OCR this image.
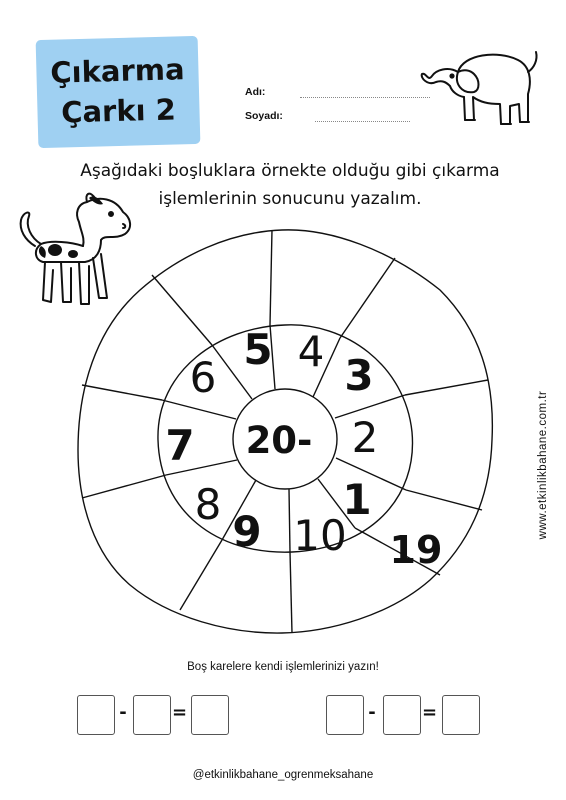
Çıkarma
Çarkı 2
Adı:
Soyadı:
Aşağıdaki boşluklara örnekte olduğu gibi çıkarma
işlemlerinin sonucunu yazalım.
20-
5 4 3
2
1
10
9
8
7
6
19
www.etkinlikbahane.com.tr
Boş karelere kendi işlemlerinizi yazın!
-	=	-	=
@etkinlikbahane_ogrenmeksahane
